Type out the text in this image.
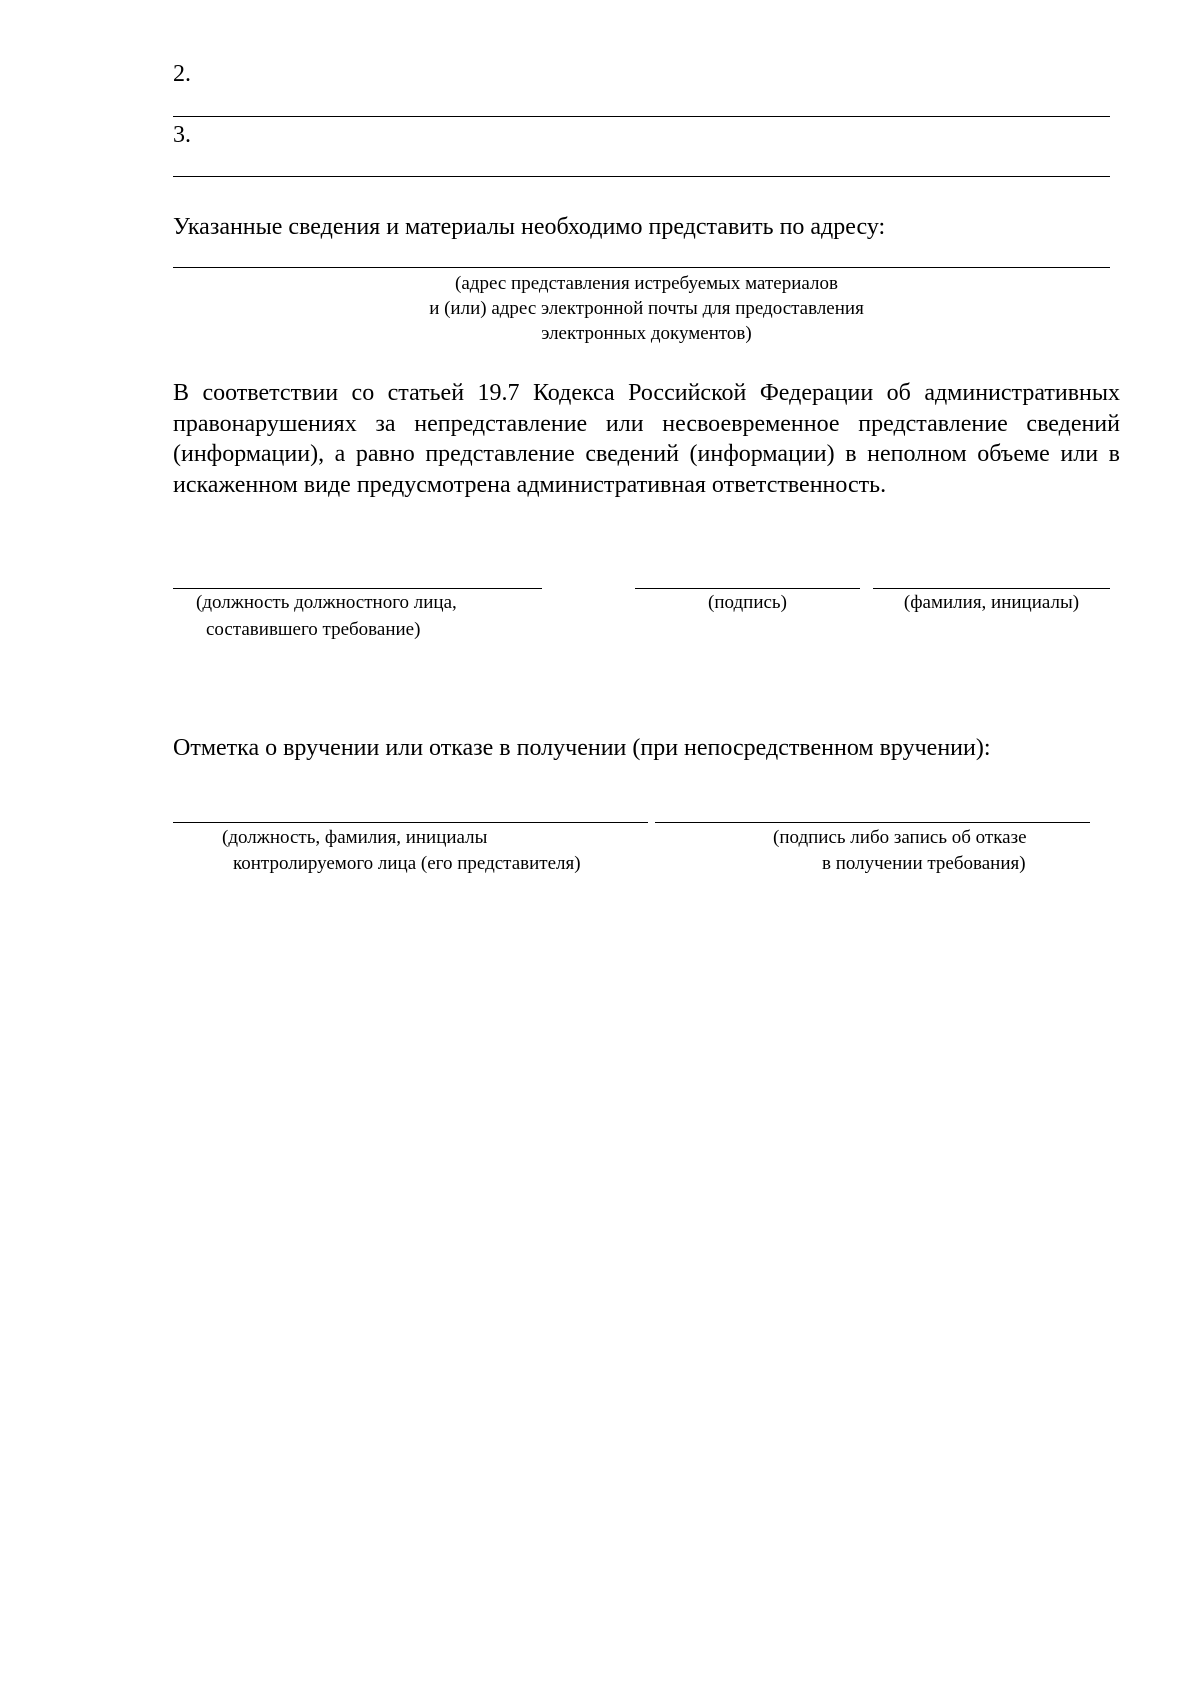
2.
3.
Указанные сведения и материалы необходимо представить по адресу:
(адрес представления истребуемых материалов
и (или) адрес электронной почты для предоставления
электронных документов)
В соответствии со статьей 19.7 Кодекса Российской Федерации об административных правонарушениях за непредставление или несвоевременное представление сведений (информации), а равно представление сведений (информации) в неполном объеме или в искаженном виде предусмотрена административная ответственность.
(должность должностного лица,
составившего требование)
(подпись)	(фамилия, инициалы)
Отметка о вручении или отказе в получении (при непосредственном вручении):
(должность, фамилия, инициалы
контролируемого лица (его представителя)
(подпись либо запись об отказе
в получении требования)
